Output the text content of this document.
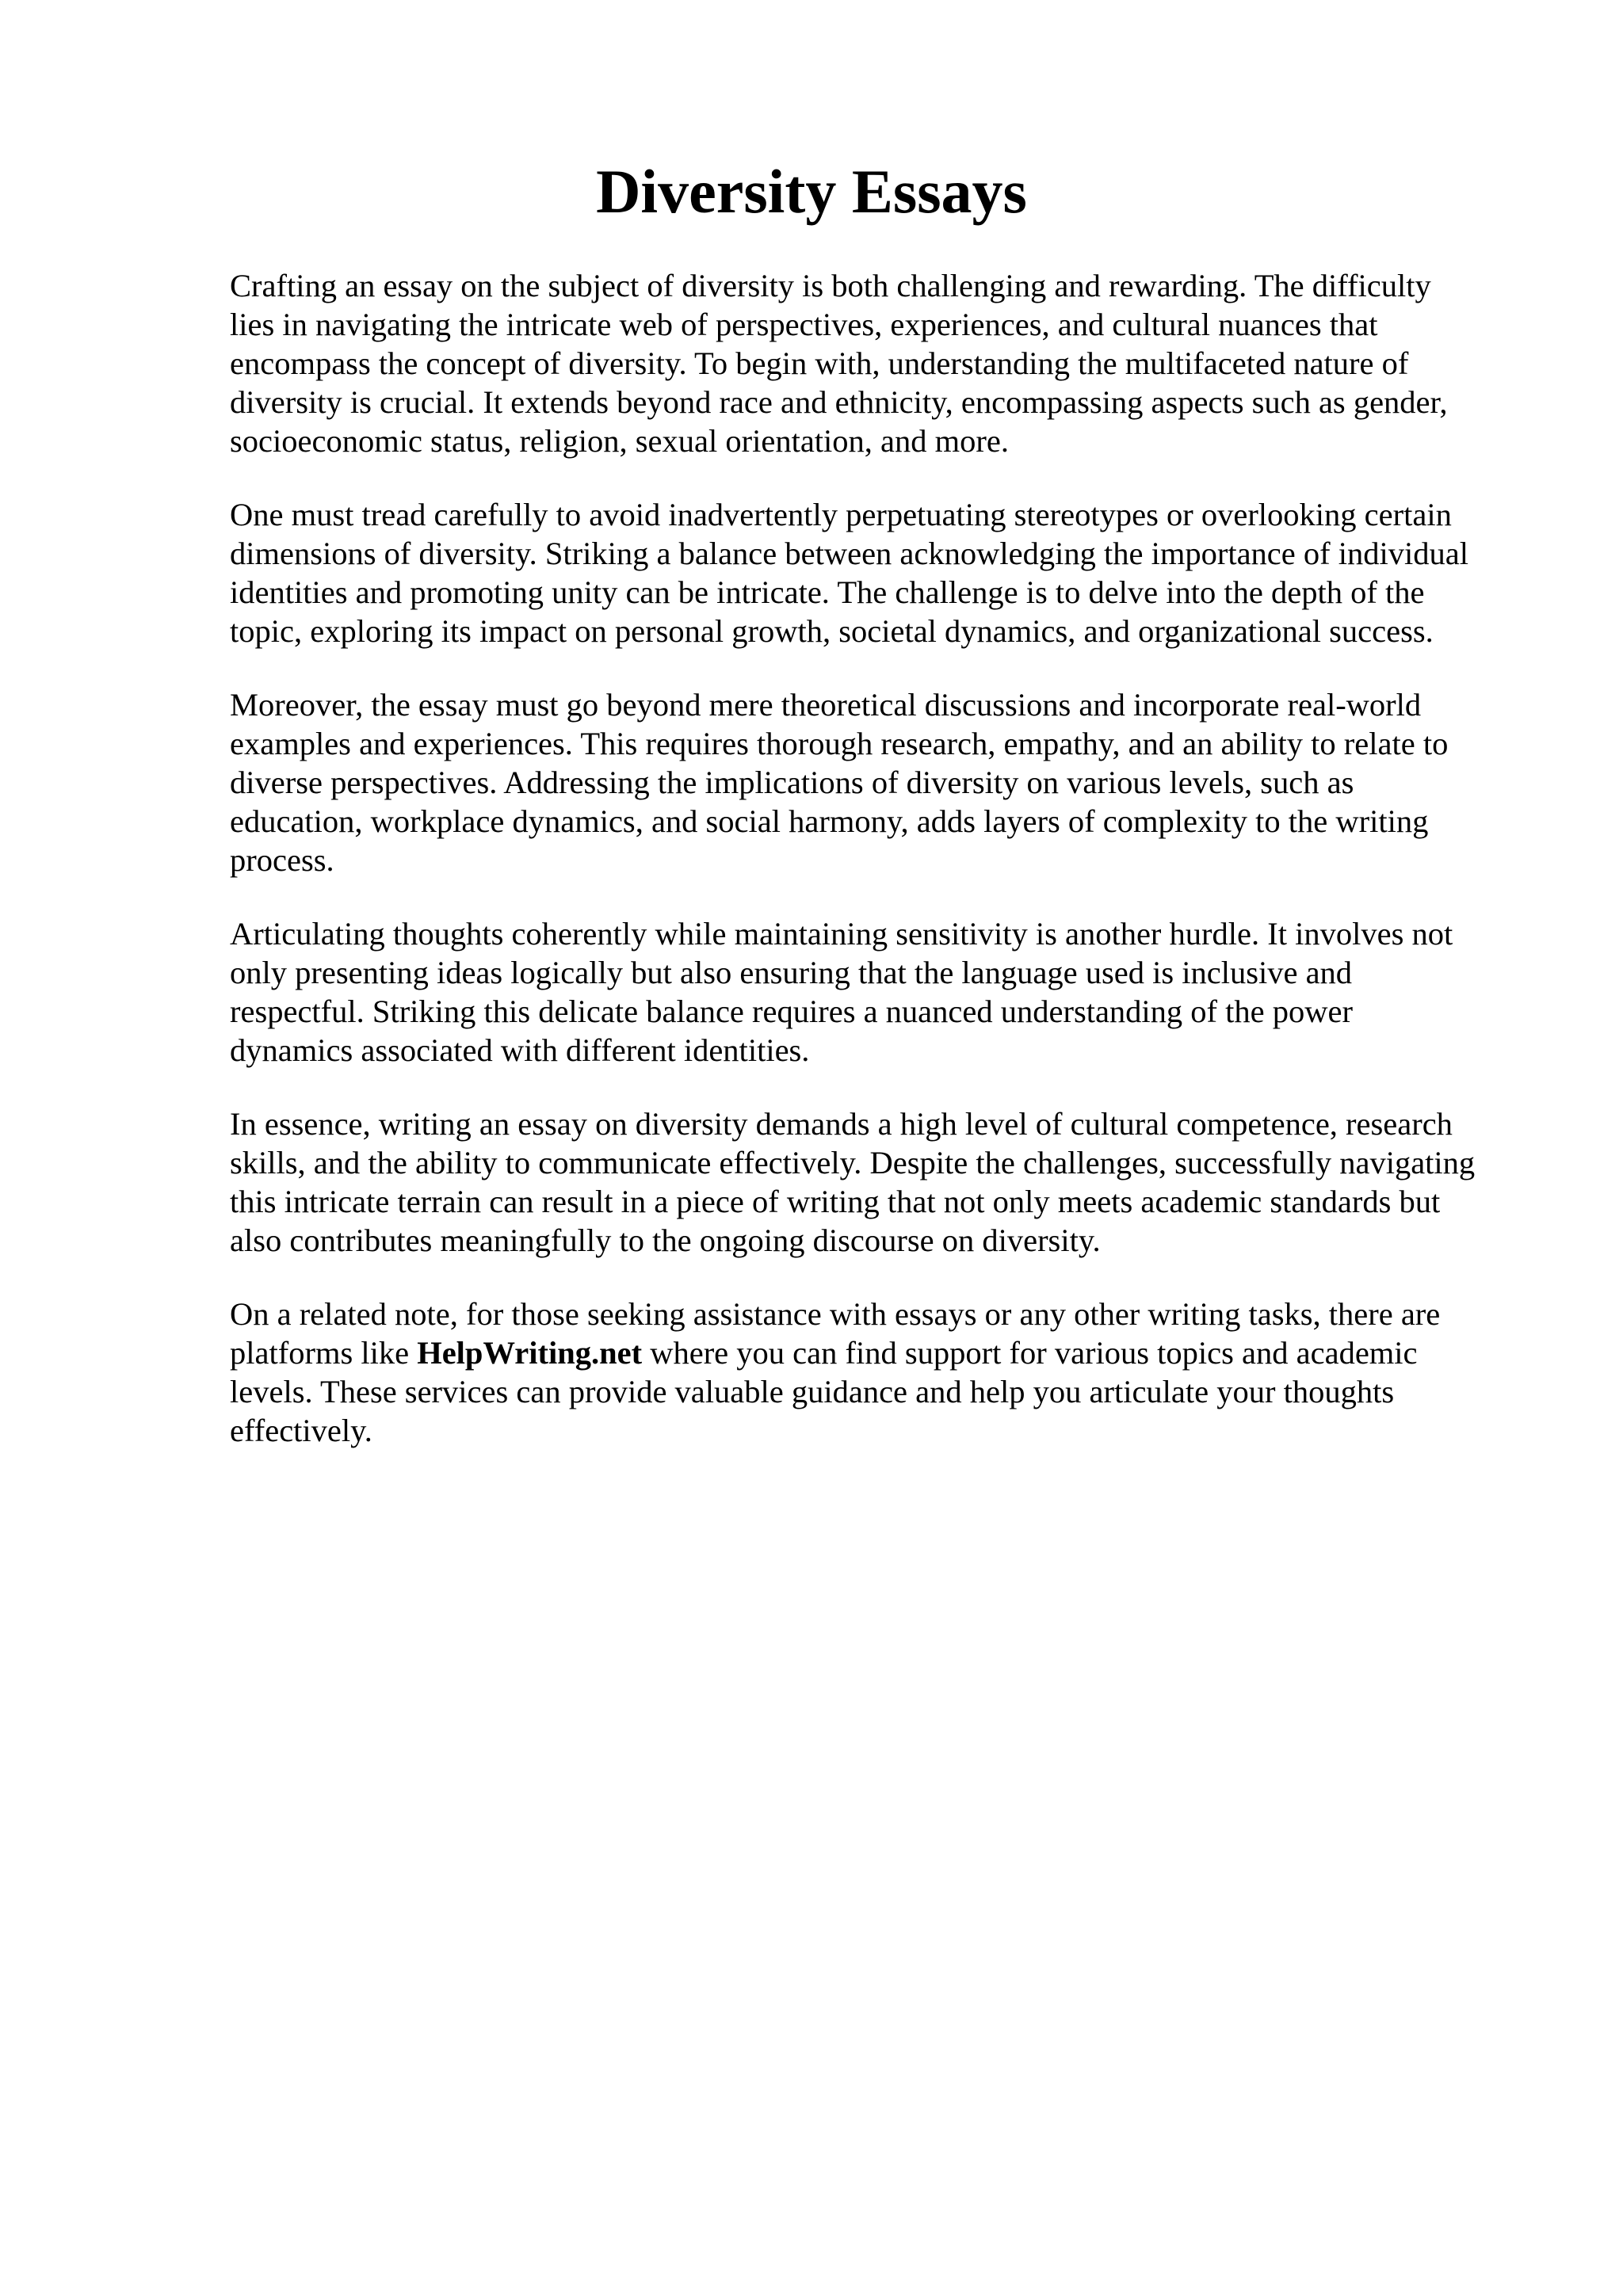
Diversity Essays

Crafting an essay on the subject of diversity is both challenging and rewarding. The difficulty
lies in navigating the intricate web of perspectives, experiences, and cultural nuances that
encompass the concept of diversity. To begin with, understanding the multifaceted nature of
diversity is crucial. It extends beyond race and ethnicity, encompassing aspects such as gender,
socioeconomic status, religion, sexual orientation, and more.

One must tread carefully to avoid inadvertently perpetuating stereotypes or overlooking certain
dimensions of diversity. Striking a balance between acknowledging the importance of individual
identities and promoting unity can be intricate. The challenge is to delve into the depth of the
topic, exploring its impact on personal growth, societal dynamics, and organizational success.

Moreover, the essay must go beyond mere theoretical discussions and incorporate real-world
examples and experiences. This requires thorough research, empathy, and an ability to relate to
diverse perspectives. Addressing the implications of diversity on various levels, such as
education, workplace dynamics, and social harmony, adds layers of complexity to the writing
process.

Articulating thoughts coherently while maintaining sensitivity is another hurdle. It involves not
only presenting ideas logically but also ensuring that the language used is inclusive and
respectful. Striking this delicate balance requires a nuanced understanding of the power
dynamics associated with different identities.

In essence, writing an essay on diversity demands a high level of cultural competence, research
skills, and the ability to communicate effectively. Despite the challenges, successfully navigating
this intricate terrain can result in a piece of writing that not only meets academic standards but
also contributes meaningfully to the ongoing discourse on diversity.

On a related note, for those seeking assistance with essays or any other writing tasks, there are
platforms like HelpWriting.net where you can find support for various topics and academic
levels. These services can provide valuable guidance and help you articulate your thoughts
effectively.
